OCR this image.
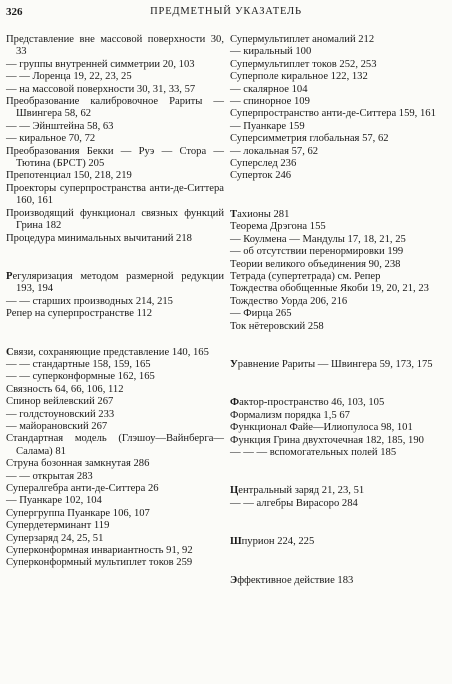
326	ПРЕДМЕТНЫЙ УКАЗАТЕЛЬ
Представление вне массовой поверхности 30, 33
— группы внутренней симметрии 20, 103
— — Лоренца 19, 22, 23, 25
— на массовой поверхности 30, 31, 33, 57
Преобразование калибровочное Рариты — Швингера 58, 62
— — Эйнштейна 58, 63
— киральное 70, 72
Преобразования Бекки — Руэ — Стора — Тютина (БРСТ) 205
Препотенциал 150, 218, 219
Проекторы суперпространства анти-де-Ситтера 160, 161
Производящий функционал связных функций Грина 182
Процедура минимальных вычитаний 218
Регуляризация методом размерной редукции 193, 194
— — старших производных 214, 215
Репер на суперпространстве 112
Связи, сохраняющие представление 140, 165
— — стандартные 158, 159, 165
— — суперконформные 162, 165
Связность 64, 66, 106, 112
Спинор вейлевский 267
— голдстоуновский 233
— майорановский 267
Стандартная модель (Глэшоу—Вайнберга—Салама) 81
Струна бозонная замкнутая 286
— — открытая 283
Супералгебра анти-де-Ситтера 26
— Пуанкаре 102, 104
Супергруппа Пуанкаре 106, 107
Супердетерминант 119
Суперзаряд 24, 25, 51
Суперконформная инвариантность 91, 92
Суперконформный мультиплет токов 259
Супермультиплет аномалий 212
— киральный 100
Супермультиплет токов 252, 253
Суперполе киральное 122, 132
— скалярное 104
— спинорное 109
Суперпространство анти-де-Ситтера 159, 161
— Пуанкаре 159
Суперсимметрия глобальная 57, 62
— локальная 57, 62
Суперслед 236
Суперток 246
Тахионы 281
Теорема Дрэгона 155
— Коулмена — Мандулы 17, 18, 21, 25
— об отсутствии перенормировки 199
Теории великого объединения 90, 238
Тетрада (супертетрада) см. Репер
Тождества обобщенные Якоби 19, 20, 21, 23
Тождество Уорда 206, 216
— Фирца 265
Ток нётеровский 258
Уравнение Рариты — Швингера 59, 173, 175
Фактор-пространство 46, 103, 105
Формализм порядка 1,5 67
Функционал Файе—Илиопулоса 98, 101
Функция Грина двухточечная 182, 185, 190
— — — вспомогательных полей 185
Центральный заряд 21, 23, 51
— — алгебры Вирасоро 284
Шпурион 224, 225
Эффективное действие 183
